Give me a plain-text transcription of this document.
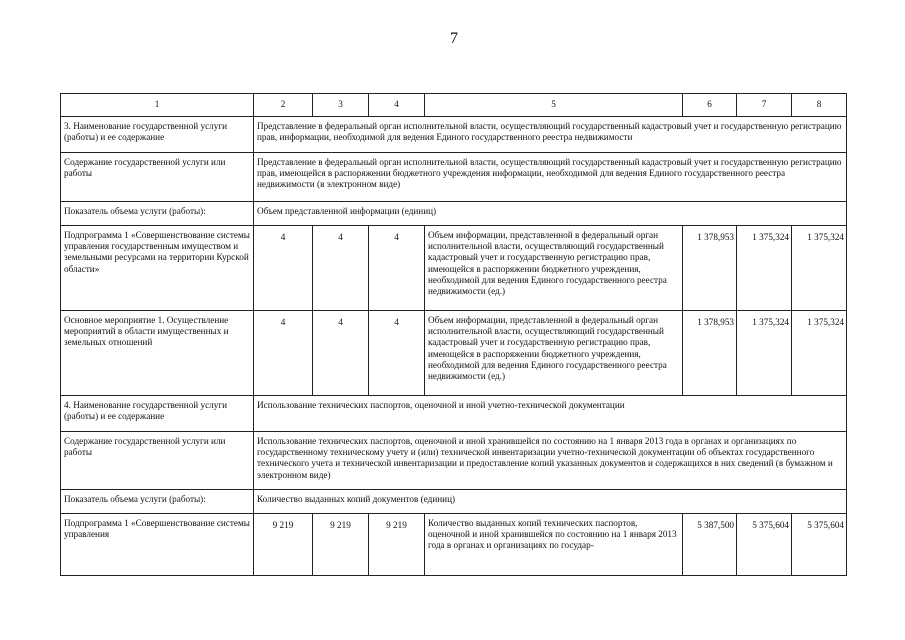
7
1	2	3	4	5	6	7	8
3. Наименование государственной услуги (работы) и ее содержание	Представление в федеральный орган исполнительной власти, осуществляющий государственный кадастровый учет и государственную регистрацию прав, информации, необходимой для ведения Единого государственного реестра недвижимости						
Содержание государственной услуги или работы	Представление в федеральный орган исполнительной власти, осуществляющий государственный кадастровый учет и государственную регистрацию прав, имеющейся в распоряжении бюджетного учреждения информации, необходимой для ведения Единого государственного реестра недвижимости (в электронном виде)						
Показатель объема услуги (работы):	Объем представленной информации (единиц)						
Подпрограмма 1 «Совершенствование системы управления государственным имуществом и земельными ресурсами на территории Курской области»	4	4	4	Объем информации, представленной в федеральный орган исполнительной власти, осуществляющий государственный кадастровый учет и государственную регистрацию прав, имеющейся в распоряжении бюджетного учреждения, необходимой для ведения Единого государственного реестра недвижимости (ед.)	1 378,953	1 375,324	1 375,324
Основное мероприятие 1. Осуществление мероприятий в области имущественных и земельных отношений	4	4	4	Объем информации, представленной в федеральный орган исполнительной власти, осуществляющий государственный кадастровый учет и государственную регистрацию прав, имеющейся в распоряжении бюджетного учреждения, необходимой для ведения Единого государственного реестра недвижимости (ед.)	1 378,953	1 375,324	1 375,324
4. Наименование государственной услуги (работы) и ее содержание	Использование технических паспортов, оценочной и иной учетно-технической документации						
Содержание государственной услуги или работы	Использование технических паспортов, оценочной и иной хранившейся по состоянию на 1 января 2013 года в органах и организациях по государственному техническому учету и (или) технической инвентаризации учетно-технической документации об объектах государственного технического учета и технической инвентаризации и предоставление копий указанных документов и содержащихся в них сведений (в бумажном и электронном виде)						
Показатель объема услуги (работы):	Количество выданных копий документов (единиц)						
Подпрограмма 1 «Совершенствование системы управления	9 219	9 219	9 219	Количество выданных копий технических паспортов, оценочной и иной хранившейся по состоянию на 1 января 2013 года в органах и организациях по государ-	5 387,500	5 375,604	5 375,604
